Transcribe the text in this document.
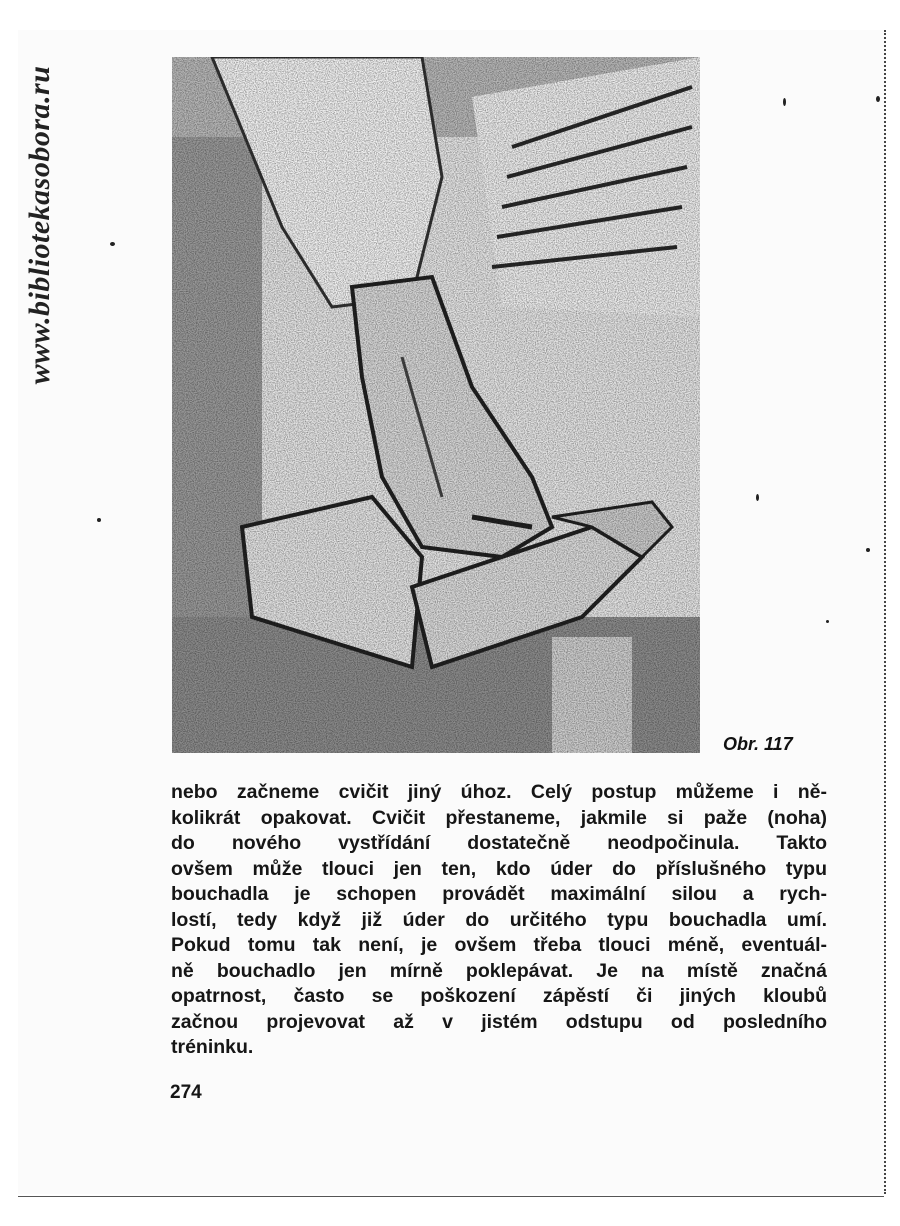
www.bibliotekasobora.ru
Obr. 117
nebo začneme cvičit jiný úhoz. Celý postup můžeme i ně-
kolikrát opakovat. Cvičit přestaneme, jakmile si paže (noha)
do nového vystřídání dostatečně neodpočinula. Takto
ovšem může tlouci jen ten, kdo úder do příslušného typu
bouchadla je schopen provádět maximální silou a rych-
lostí, tedy když již úder do určitého typu bouchadla umí.
Pokud tomu tak není, je ovšem třeba tlouci méně, eventuál-
ně bouchadlo jen mírně poklepávat. Je na místě značná
opatrnost, často se poškození zápěstí či jiných kloubů
začnou projevovat až v jistém odstupu od posledního
tréninku.
274
